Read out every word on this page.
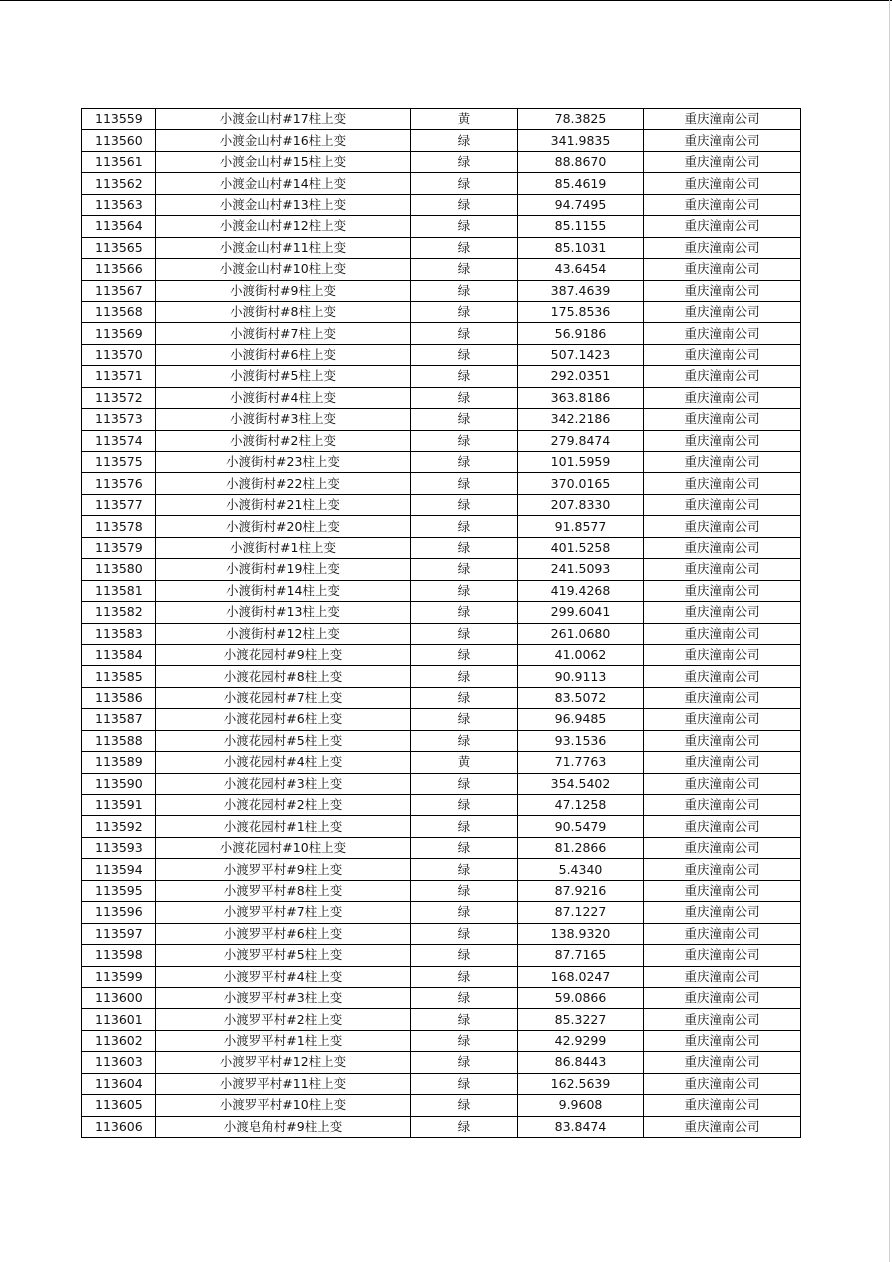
113559	小渡金山村#17柱上变	黄	78.3825	重庆潼南公司
113560	小渡金山村#16柱上变	绿	341.9835	重庆潼南公司
113561	小渡金山村#15柱上变	绿	88.8670	重庆潼南公司
113562	小渡金山村#14柱上变	绿	85.4619	重庆潼南公司
113563	小渡金山村#13柱上变	绿	94.7495	重庆潼南公司
113564	小渡金山村#12柱上变	绿	85.1155	重庆潼南公司
113565	小渡金山村#11柱上变	绿	85.1031	重庆潼南公司
113566	小渡金山村#10柱上变	绿	43.6454	重庆潼南公司
113567	小渡街村#9柱上变	绿	387.4639	重庆潼南公司
113568	小渡街村#8柱上变	绿	175.8536	重庆潼南公司
113569	小渡街村#7柱上变	绿	56.9186	重庆潼南公司
113570	小渡街村#6柱上变	绿	507.1423	重庆潼南公司
113571	小渡街村#5柱上变	绿	292.0351	重庆潼南公司
113572	小渡街村#4柱上变	绿	363.8186	重庆潼南公司
113573	小渡街村#3柱上变	绿	342.2186	重庆潼南公司
113574	小渡街村#2柱上变	绿	279.8474	重庆潼南公司
113575	小渡街村#23柱上变	绿	101.5959	重庆潼南公司
113576	小渡街村#22柱上变	绿	370.0165	重庆潼南公司
113577	小渡街村#21柱上变	绿	207.8330	重庆潼南公司
113578	小渡街村#20柱上变	绿	91.8577	重庆潼南公司
113579	小渡街村#1柱上变	绿	401.5258	重庆潼南公司
113580	小渡街村#19柱上变	绿	241.5093	重庆潼南公司
113581	小渡街村#14柱上变	绿	419.4268	重庆潼南公司
113582	小渡街村#13柱上变	绿	299.6041	重庆潼南公司
113583	小渡街村#12柱上变	绿	261.0680	重庆潼南公司
113584	小渡花园村#9柱上变	绿	41.0062	重庆潼南公司
113585	小渡花园村#8柱上变	绿	90.9113	重庆潼南公司
113586	小渡花园村#7柱上变	绿	83.5072	重庆潼南公司
113587	小渡花园村#6柱上变	绿	96.9485	重庆潼南公司
113588	小渡花园村#5柱上变	绿	93.1536	重庆潼南公司
113589	小渡花园村#4柱上变	黄	71.7763	重庆潼南公司
113590	小渡花园村#3柱上变	绿	354.5402	重庆潼南公司
113591	小渡花园村#2柱上变	绿	47.1258	重庆潼南公司
113592	小渡花园村#1柱上变	绿	90.5479	重庆潼南公司
113593	小渡花园村#10柱上变	绿	81.2866	重庆潼南公司
113594	小渡罗平村#9柱上变	绿	5.4340	重庆潼南公司
113595	小渡罗平村#8柱上变	绿	87.9216	重庆潼南公司
113596	小渡罗平村#7柱上变	绿	87.1227	重庆潼南公司
113597	小渡罗平村#6柱上变	绿	138.9320	重庆潼南公司
113598	小渡罗平村#5柱上变	绿	87.7165	重庆潼南公司
113599	小渡罗平村#4柱上变	绿	168.0247	重庆潼南公司
113600	小渡罗平村#3柱上变	绿	59.0866	重庆潼南公司
113601	小渡罗平村#2柱上变	绿	85.3227	重庆潼南公司
113602	小渡罗平村#1柱上变	绿	42.9299	重庆潼南公司
113603	小渡罗平村#12柱上变	绿	86.8443	重庆潼南公司
113604	小渡罗平村#11柱上变	绿	162.5639	重庆潼南公司
113605	小渡罗平村#10柱上变	绿	9.9608	重庆潼南公司
113606	小渡皂角村#9柱上变	绿	83.8474	重庆潼南公司
